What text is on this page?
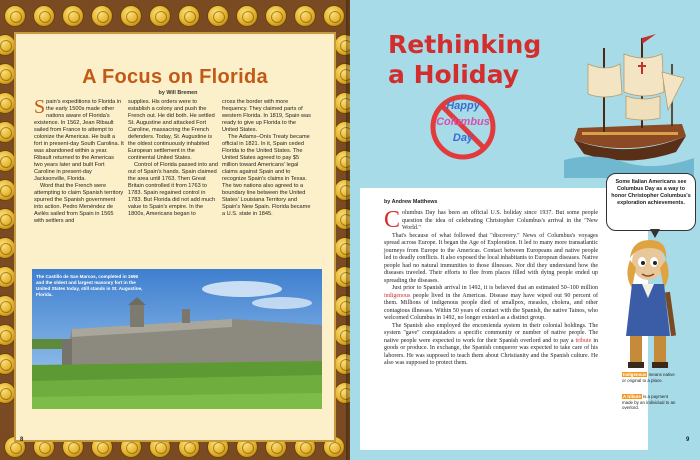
A Focus on Florida
by Will Bremen

Spain's expeditions to Florida in the early 1500s made other nations aware of Florida's existence. In 1562, Jean Ribault sailed from France to attempt to colonize the Americas. He built a fort in present-day South Carolina. It was abandoned within a year. Ribault returned to the Americas two years later and built Fort Caroline in present-day Jacksonville, Florida.

Word that the French were attempting to claim Spanish territory spurred the Spanish government into action. Pedro Menéndez de Avilés sailed from Spain in 1565 with settlers and

supplies. His orders were to establish a colony and push the French out. He did both. He settled St. Augustine and attacked Fort Caroline, massacring the French defenders. Today, St. Augustine is the oldest continuously inhabited European settlement in the continental United States.

Control of Florida passed into and out of Spain's hands. Spain claimed the area until 1763. Then Great Britain controlled it from 1763 to 1783. Spain regained control in 1783. But Florida did not add much value to Spain's empire. In the 1800s, Americans began to

cross the border with more frequency. They claimed parts of western Florida. In 1819, Spain was ready to give up Florida to the United States.

The Adams–Onís Treaty became official in 1821. In it, Spain ceded Florida to the United States. The United States agreed to pay $5 million toward Americans' legal claims against Spain and to recognize Spain's claims in Texas. The two nations also agreed to a boundary line between the United States' Louisiana Territory and Spain's New Spain. Florida became a U.S. state in 1845.

The Castillo de San Marcos, completed in 1695 and the oldest and largest masonry fort in the United States today, still stands in St. Augustine, Florida.
8
Rethinking
a Holiday
Happy
Columbus
Day
by Andrew Matthews

Columbus Day has been an official U.S. holiday since 1937. But some people question the idea of celebrating Christopher Columbus's arrival in the "New World."

That's because of what followed that "discovery." News of Columbus's voyages spread across Europe. It began the Age of Exploration. It led to many more transatlantic journeys from Europe to the Americas. Contact between Europeans and native people led to deadly conflicts. It also exposed the local inhabitants to European diseases. Native people had no natural immunities to those illnesses. Nor did they understand how the diseases traveled. Their efforts to flee from places filled with dying people ended up spreading the diseases.

Just prior to Spanish arrival in 1492, it is believed that an estimated 50–100 million indigenous people lived in the Americas. Disease may have wiped out 90 percent of them. Millions of indigenous people died of smallpox, measles, cholera, and other contagious illnesses. Within 50 years of contact with the Spanish, the native Tainos, who welcomed Columbus in 1492, no longer existed as a distinct group.

The Spanish also employed the encomienda system in their colonial holdings. The system "gave" conquistadors a specific community or number of native people. The native people were expected to work for their Spanish overlord and to pay a tribute in goods or produce. In exchange, the Spanish conqueror was expected to take care of his laborers. He was supposed to teach them about Christianity and the Spanish culture. He also was supposed to protect them.

Some Italian Americans see Columbus Day as a way to honor Christopher Columbus's exploration achievements.
Indigenous means native or original to a place.
A tribute is a payment made by an individual to an overlord.
9
